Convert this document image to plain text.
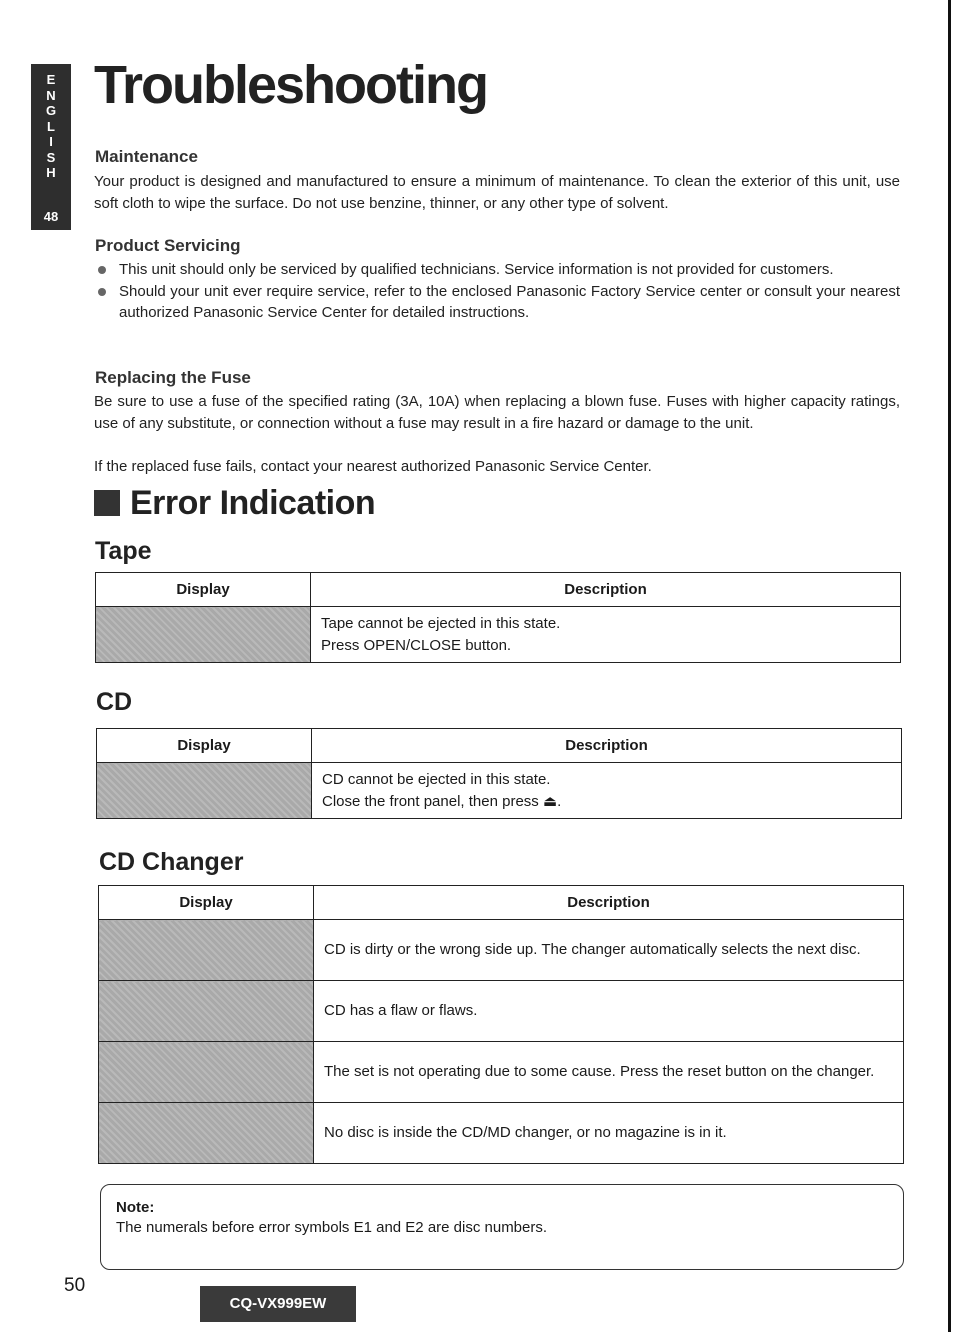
E
N
G
L
I
S
H
48
Troubleshooting
Maintenance

Your product is designed and manufactured to ensure a minimum of maintenance. To clean the exterior of this unit, use soft cloth to wipe the surface. Do not use benzine, thinner, or any other type of solvent.

Product Servicing
This unit should only be serviced by qualified technicians. Service information is not provided for customers.
Should your unit ever require service, refer to the enclosed Panasonic Factory Service center or consult your nearest authorized Panasonic Service Center for detailed instructions.
Replacing the Fuse

Be sure to use a fuse of the specified rating (3A, 10A) when replacing a blown fuse. Fuses with higher capacity ratings, use of any substitute, or connection without a fuse may result in a fire hazard or damage to the unit.

If the replaced fuse fails, contact your nearest authorized Panasonic Service Center.

Error Indication
Tape
Display	Description

	Tape cannot be ejected in this state.
Press OPEN/CLOSE button.
CD
Display	Description

	CD cannot be ejected in this state.
Close the front panel, then press ⏏.
CD Changer
Display	Description
	CD is dirty or the wrong side up. The changer automatically selects the next disc.
	CD has a flaw or flaws.
	The set is not operating due to some cause. Press the reset button on the changer.
	No disc is inside the CD/MD changer, or no magazine is in it.

Note:

The numerals before error symbols E1 and E2 are disc numbers.

50

CQ-VX999EW
